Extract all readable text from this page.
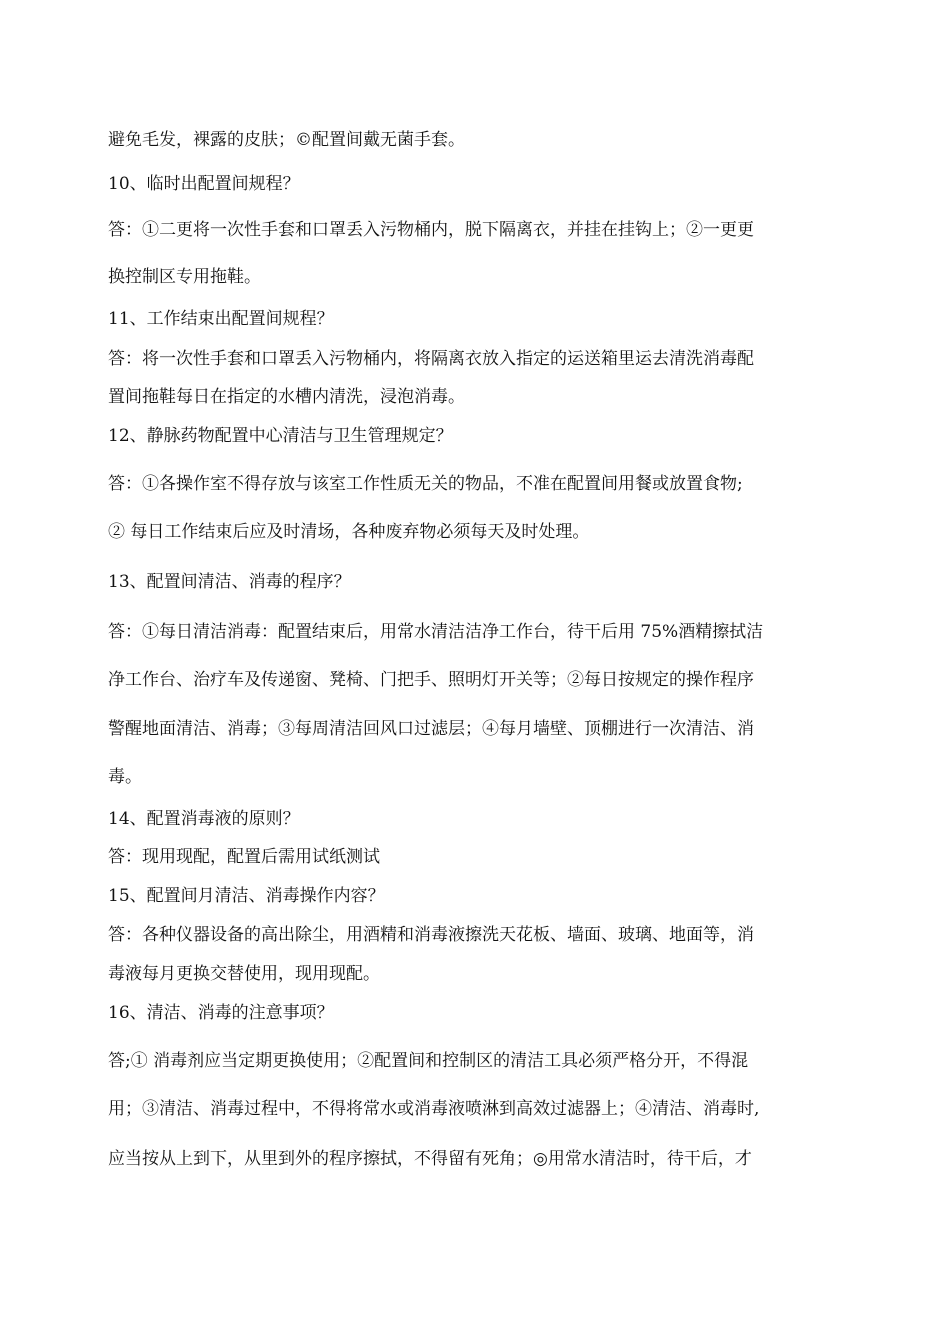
避免毛发，裸露的皮肤；©配置间戴无菌手套。
10、临时出配置间规程？
答：①二更将一次性手套和口罩丢入污物桶内，脱下隔离衣，并挂在挂钩上；②一更更
换控制区专用拖鞋。
11、工作结束出配置间规程？
答：将一次性手套和口罩丢入污物桶内，将隔离衣放入指定的运送箱里运去清洗消毒配
置间拖鞋每日在指定的水槽内清洗，浸泡消毒。
12、静脉药物配置中心清洁与卫生管理规定？
答：①各操作室不得存放与该室工作性质无关的物品，不准在配置间用餐或放置食物;
② 每日工作结束后应及时清场，各种废弃物必须每天及时处理。
13、配置间清洁、消毒的程序？
答：①每日清洁消毒：配置结束后，用常水清洁洁净工作台，待干后用 75%酒精擦拭洁
净工作台、治疗车及传递窗、凳椅、门把手、照明灯开关等；②每日按规定的操作程序
警醒地面清洁、消毒；③每周清洁回风口过滤层；④每月墙壁、顶棚进行一次清洁、消
毒。
14、配置消毒液的原则？
答：现用现配，配置后需用试纸测试
15、配置间月清洁、消毒操作内容？
答：各种仪器设备的高出除尘，用酒精和消毒液擦洗天花板、墙面、玻璃、地面等，消
毒液每月更换交替使用，现用现配。
16、清洁、消毒的注意事项？
答;① 消毒剂应当定期更换使用；②配置间和控制区的清洁工具必须严格分开，不得混
用；③清洁、消毒过程中，不得将常水或消毒液喷淋到高效过滤器上；④清洁、消毒时,
应当按从上到下，从里到外的程序擦拭，不得留有死角；◎用常水清洁时，待干后，才
